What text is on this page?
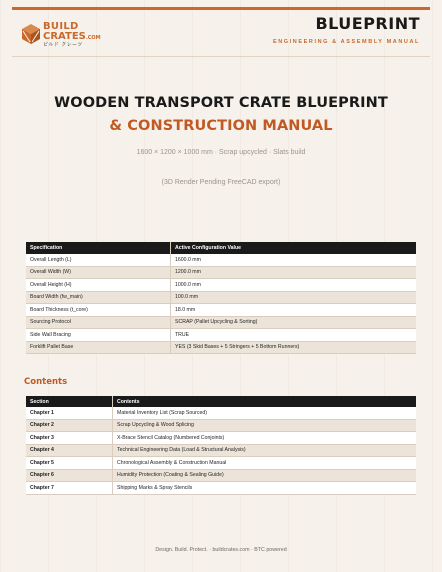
BUILD
CRATES.COM
ビルド クレーツ
BLUEPRINT
ENGINEERING & ASSEMBLY MANUAL
WOODEN TRANSPORT CRATE BLUEPRINT
& CONSTRUCTION MANUAL
1600 × 1200 × 1000 mm · Scrap upcycled · Slats build
(3D Render Pending FreeCAD export)
Specification	Active Configuration Value
Overall Length (L)	1600.0 mm
Overall Width (W)	1200.0 mm
Overall Height (H)	1000.0 mm
Board Width (fw_main)	100.0 mm
Board Thickness (t_core)	18.0 mm
Sourcing Protocol	SCRAP (Pallet Upcycling & Sorting)
Side Wall Bracing	TRUE
Forklift Pallet Base	YES (3 Skid Bases + 5 Stringers + 5 Bottom Runners)
Contents
Section	Contents
Chapter 1	Material Inventory List (Scrap Sourced)
Chapter 2	Scrap Upcycling & Wood Splicing
Chapter 3	X-Brace Stencil Catalog (Numbered Conjoints)
Chapter 4	Technical Engineering Data (Load & Structural Analysis)
Chapter 5	Chronological Assembly & Construction Manual
Chapter 6	Humidity Protection (Coating & Sealing Guide)
Chapter 7	Shipping Marks & Spray Stencils
Design. Build. Protect. · buildcrates.com · BTC powered
